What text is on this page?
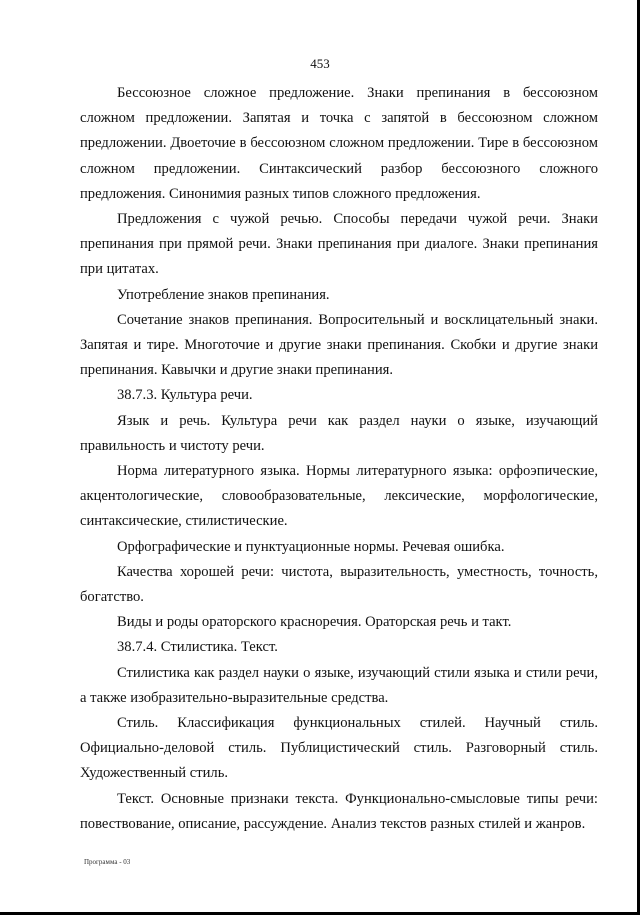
453

Бессоюзное сложное предложение. Знаки препинания в бессоюзном сложном предложении. Запятая и точка с запятой в бессоюзном сложном предложении. Двоеточие в бессоюзном сложном предложении. Тире в бессоюзном сложном предложении. Синтаксический разбор бессоюзного сложного предложения. Синонимия разных типов сложного предложения.

Предложения с чужой речью. Способы передачи чужой речи. Знаки препинания при прямой речи. Знаки препинания при диалоге. Знаки препинания при цитатах.

Употребление знаков препинания.

Сочетание знаков препинания. Вопросительный и восклицательный знаки. Запятая и тире. Многоточие и другие знаки препинания. Скобки и другие знаки препинания. Кавычки и другие знаки препинания.

38.7.3. Культура речи.

Язык и речь. Культура речи как раздел науки о языке, изучающий правильность и чистоту речи.

Норма литературного языка. Нормы литературного языка: орфоэпические, акцентологические, словообразовательные, лексические, морфологические, синтаксические, стилистические.

Орфографические и пунктуационные нормы. Речевая ошибка.

Качества хорошей речи: чистота, выразительность, уместность, точность, богатство.

Виды и роды ораторского красноречия. Ораторская речь и такт.

38.7.4. Стилистика. Текст.

Стилистика как раздел науки о языке, изучающий стили языка и стили речи, а также изобразительно-выразительные средства.

Стиль. Классификация функциональных стилей. Научный стиль. Официально-деловой стиль. Публицистический стиль. Разговорный стиль. Художественный стиль.

Текст. Основные признаки текста. Функционально-смысловые типы речи: повествование, описание, рассуждение. Анализ текстов разных стилей и жанров.

Программа - 03
